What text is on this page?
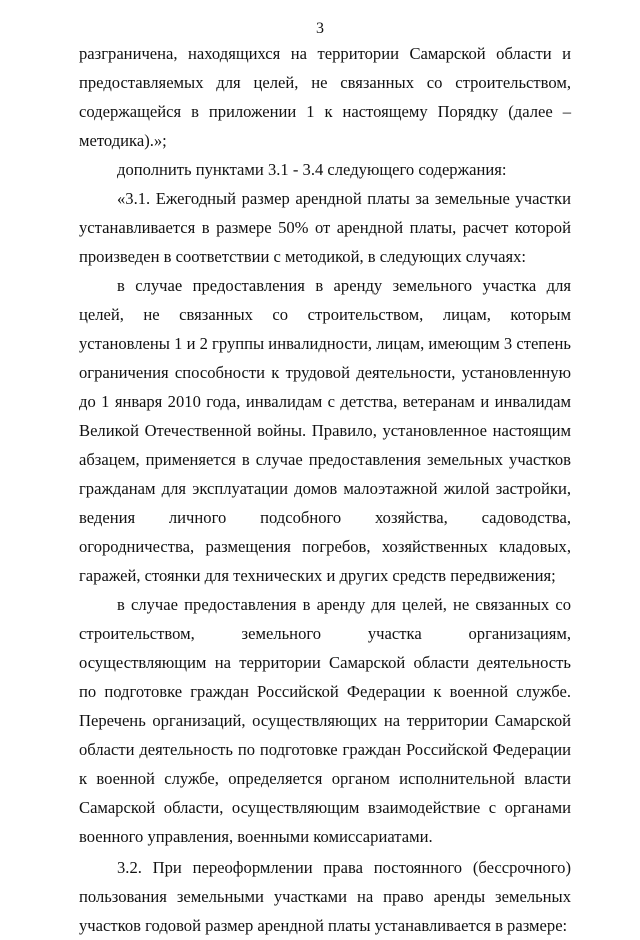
3

разграничена, находящихся на территории Самарской области и предоставляемых для целей, не связанных со строительством, содержащейся в приложении 1 к настоящему Порядку (далее – методика).»;

дополнить пунктами 3.1 - 3.4 следующего содержания:

«3.1. Ежегодный размер арендной платы за земельные участки устанавливается в размере 50% от арендной платы, расчет которой произведен в соответствии с методикой, в следующих случаях:

в случае предоставления в аренду земельного участка для целей, не связанных со строительством, лицам, которым установлены 1 и 2 группы инвалидности, лицам, имеющим 3 степень ограничения способности к трудовой деятельности, установленную до 1 января 2010 года, инвалидам с детства, ветеранам и инвалидам Великой Отечественной войны. Правило, установленное настоящим абзацем, применяется в случае предоставления земельных участков гражданам для эксплуатации домов малоэтажной жилой застройки, ведения личного подсобного хозяйства, садоводства, огородничества, размещения погребов, хозяйственных кладовых, гаражей, стоянки для технических и других средств передвижения;

в случае предоставления в аренду для целей, не связанных со строительством, земельного участка организациям, осуществляющим на территории Самарской области деятельность по подготовке граждан Российской Федерации к военной службе. Перечень организаций, осуществляющих на территории Самарской области деятельность по подготовке граждан Российской Федерации к военной службе, определяется органом исполнительной власти Самарской области, осуществляющим взаимодействие с органами военного управления, военными комиссариатами.

3.2. При переоформлении права постоянного (бессрочного) пользования земельными участками на право аренды земельных участков годовой размер арендной платы устанавливается в размере:
